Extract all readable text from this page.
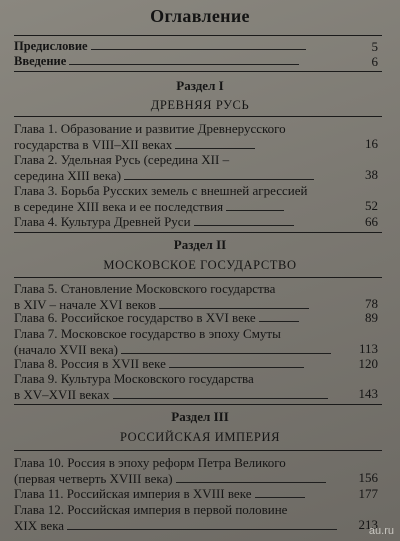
Оглавление
Предисловие	5
Введение	6
Раздел I
ДРЕВНЯЯ РУСЬ
Глава 1. Образование и развитие Древнерусского
государства в VIII–XII веках	16
Глава 2. Удельная Русь (середина XII –
середина XIII века)	38
Глава 3. Борьба Русских земель с внешней агрессией
в середине XIII века и ее последствия	52
Глава 4. Культура Древней Руси	66
Раздел II
МОСКОВСКОЕ ГОСУДАРСТВО
Глава 5. Становление Московского государства
в XIV – начале XVI веков	78
Глава 6. Российское государство в XVI веке	89
Глава 7. Московское государство в эпоху Смуты
(начало XVII века)	113
Глава 8. Россия в XVII веке	120
Глава 9. Культура Московского государства
в XV–XVII веках	143
Раздел III
РОССИЙСКАЯ ИМПЕРИЯ
Глава 10. Россия в эпоху реформ Петра Великого
(первая четверть XVIII века)	156
Глава 11. Российская империя в XVIII веке	177
Глава 12. Российская империя в первой половине
XIX века	213
au.ru
